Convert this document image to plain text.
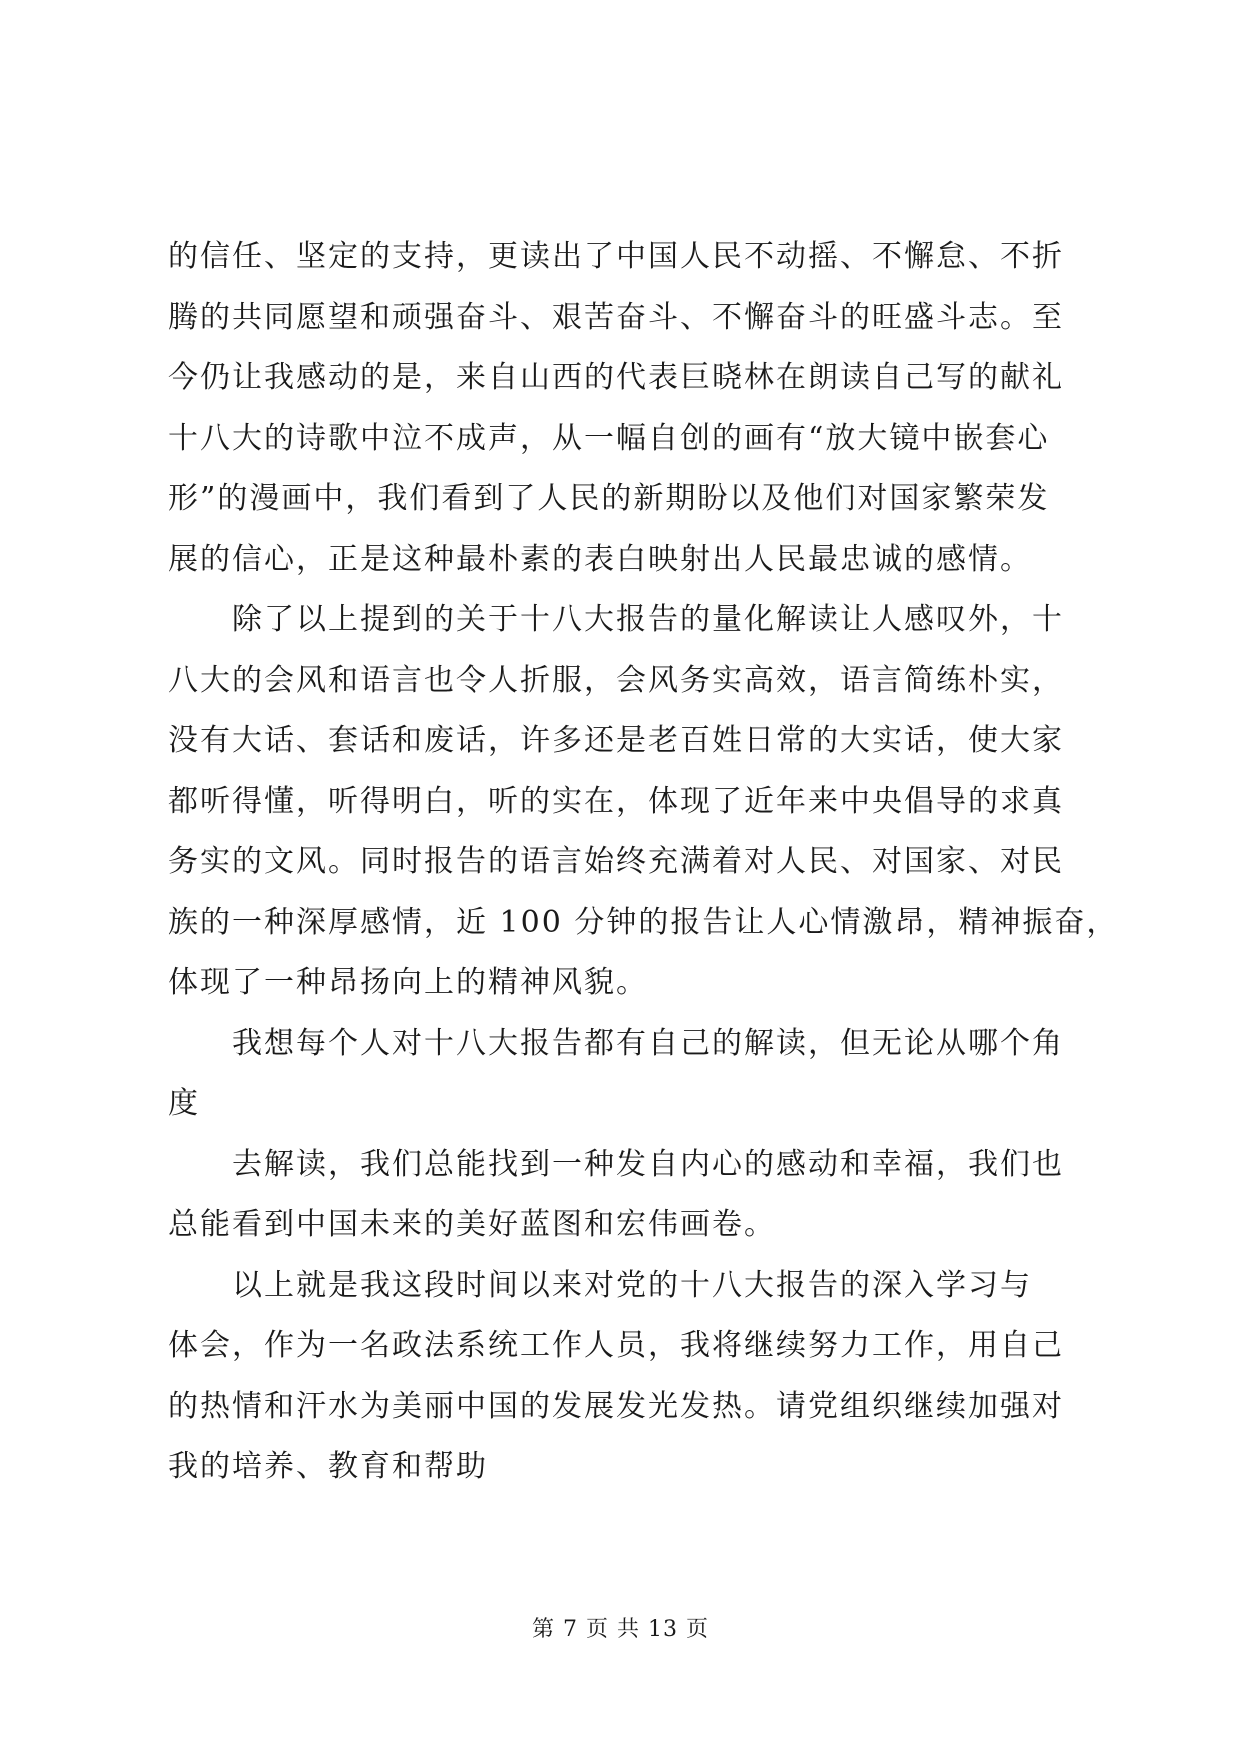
的信任、坚定的支持，更读出了中国人民不动摇、不懈怠、不折
腾的共同愿望和顽强奋斗、艰苦奋斗、不懈奋斗的旺盛斗志。至
今仍让我感动的是，来自山西的代表巨晓林在朗读自己写的献礼
十八大的诗歌中泣不成声，从一幅自创的画有“放大镜中嵌套心
形”的漫画中，我们看到了人民的新期盼以及他们对国家繁荣发
展的信心，正是这种最朴素的表白映射出人民最忠诚的感情。
除了以上提到的关于十八大报告的量化解读让人感叹外，十
八大的会风和语言也令人折服，会风务实高效，语言简练朴实，
没有大话、套话和废话，许多还是老百姓日常的大实话，使大家
都听得懂，听得明白，听的实在，体现了近年来中央倡导的求真
务实的文风。同时报告的语言始终充满着对人民、对国家、对民
族的一种深厚感情，近 100 分钟的报告让人心情激昂，精神振奋，
体现了一种昂扬向上的精神风貌。
我想每个人对十八大报告都有自己的解读，但无论从哪个角
度
去解读，我们总能找到一种发自内心的感动和幸福，我们也
总能看到中国未来的美好蓝图和宏伟画卷。
以上就是我这段时间以来对党的十八大报告的深入学习与
体会，作为一名政法系统工作人员，我将继续努力工作，用自己
的热情和汗水为美丽中国的发展发光发热。请党组织继续加强对
我的培养、教育和帮助
第 7 页 共 13 页
